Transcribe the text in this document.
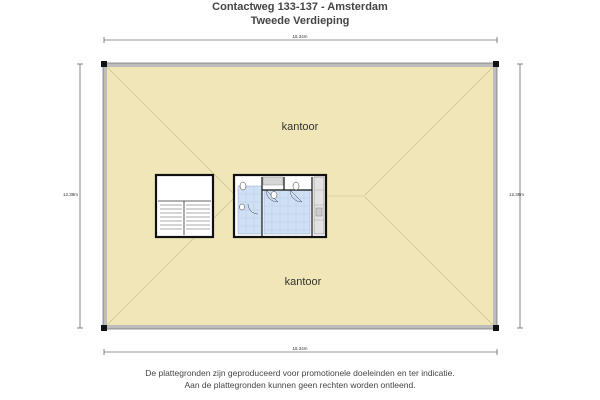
Contactweg 133-137 - Amsterdam
Tweede Verdieping
18.34m
18.34m
12.39m	12.39m
kantoor
kantoor
De plattegronden zijn geproduceerd voor promotionele doeleinden en ter indicatie.
Aan de plattegronden kunnen geen rechten worden ontleend.
